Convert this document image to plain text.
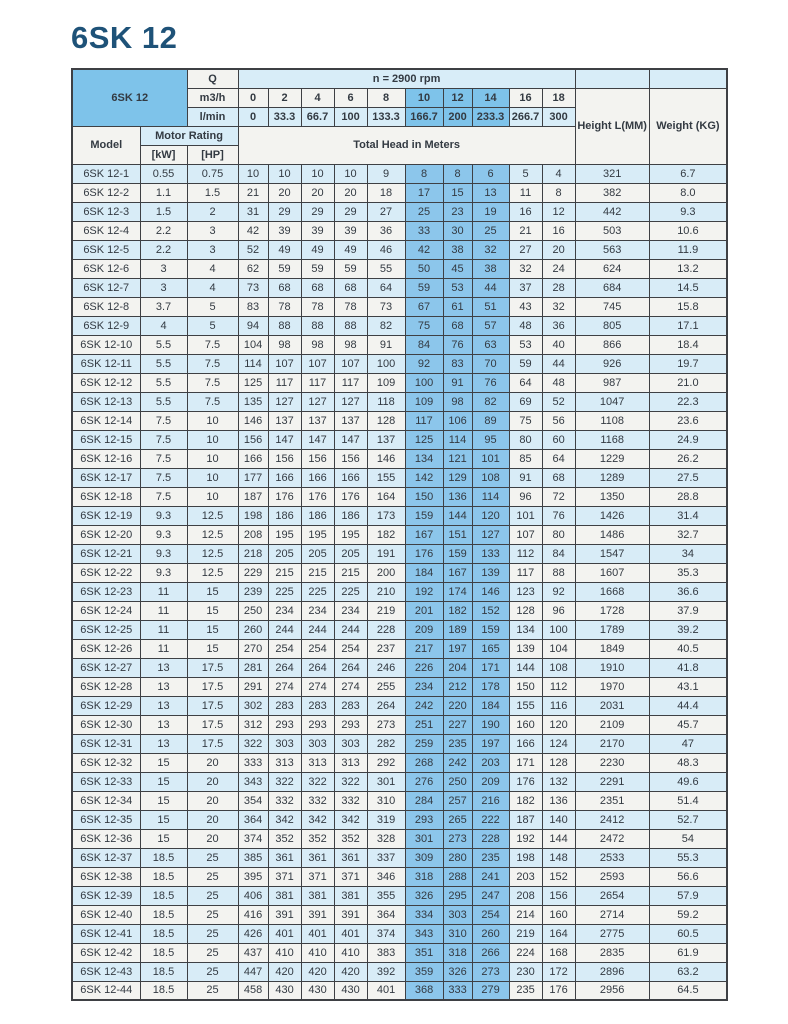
6SK 12
6SK 12		Q	n = 2900 rpm											
		m3/h	0	2	4	6	8	10	12	14	16	18	Height L(MM)	Weight (KG)
		l/min	0	33.3	66.7	100	133.3	166.7	200	233.3	266.7	300		
Model	Motor Rating		Total Head in Meters											
	[kW]	[HP]												
6SK 12-1	0.55	0.75	10	10	10	10	9	8	8	6	5	4	321	6.7
6SK 12-2	1.1	1.5	21	20	20	20	18	17	15	13	11	8	382	8.0
6SK 12-3	1.5	2	31	29	29	29	27	25	23	19	16	12	442	9.3
6SK 12-4	2.2	3	42	39	39	39	36	33	30	25	21	16	503	10.6
6SK 12-5	2.2	3	52	49	49	49	46	42	38	32	27	20	563	11.9
6SK 12-6	3	4	62	59	59	59	55	50	45	38	32	24	624	13.2
6SK 12-7	3	4	73	68	68	68	64	59	53	44	37	28	684	14.5
6SK 12-8	3.7	5	83	78	78	78	73	67	61	51	43	32	745	15.8
6SK 12-9	4	5	94	88	88	88	82	75	68	57	48	36	805	17.1
6SK 12-10	5.5	7.5	104	98	98	98	91	84	76	63	53	40	866	18.4
6SK 12-11	5.5	7.5	114	107	107	107	100	92	83	70	59	44	926	19.7
6SK 12-12	5.5	7.5	125	117	117	117	109	100	91	76	64	48	987	21.0
6SK 12-13	5.5	7.5	135	127	127	127	118	109	98	82	69	52	1047	22.3
6SK 12-14	7.5	10	146	137	137	137	128	117	106	89	75	56	1108	23.6
6SK 12-15	7.5	10	156	147	147	147	137	125	114	95	80	60	1168	24.9
6SK 12-16	7.5	10	166	156	156	156	146	134	121	101	85	64	1229	26.2
6SK 12-17	7.5	10	177	166	166	166	155	142	129	108	91	68	1289	27.5
6SK 12-18	7.5	10	187	176	176	176	164	150	136	114	96	72	1350	28.8
6SK 12-19	9.3	12.5	198	186	186	186	173	159	144	120	101	76	1426	31.4
6SK 12-20	9.3	12.5	208	195	195	195	182	167	151	127	107	80	1486	32.7
6SK 12-21	9.3	12.5	218	205	205	205	191	176	159	133	112	84	1547	34
6SK 12-22	9.3	12.5	229	215	215	215	200	184	167	139	117	88	1607	35.3
6SK 12-23	11	15	239	225	225	225	210	192	174	146	123	92	1668	36.6
6SK 12-24	11	15	250	234	234	234	219	201	182	152	128	96	1728	37.9
6SK 12-25	11	15	260	244	244	244	228	209	189	159	134	100	1789	39.2
6SK 12-26	11	15	270	254	254	254	237	217	197	165	139	104	1849	40.5
6SK 12-27	13	17.5	281	264	264	264	246	226	204	171	144	108	1910	41.8
6SK 12-28	13	17.5	291	274	274	274	255	234	212	178	150	112	1970	43.1
6SK 12-29	13	17.5	302	283	283	283	264	242	220	184	155	116	2031	44.4
6SK 12-30	13	17.5	312	293	293	293	273	251	227	190	160	120	2109	45.7
6SK 12-31	13	17.5	322	303	303	303	282	259	235	197	166	124	2170	47
6SK 12-32	15	20	333	313	313	313	292	268	242	203	171	128	2230	48.3
6SK 12-33	15	20	343	322	322	322	301	276	250	209	176	132	2291	49.6
6SK 12-34	15	20	354	332	332	332	310	284	257	216	182	136	2351	51.4
6SK 12-35	15	20	364	342	342	342	319	293	265	222	187	140	2412	52.7
6SK 12-36	15	20	374	352	352	352	328	301	273	228	192	144	2472	54
6SK 12-37	18.5	25	385	361	361	361	337	309	280	235	198	148	2533	55.3
6SK 12-38	18.5	25	395	371	371	371	346	318	288	241	203	152	2593	56.6
6SK 12-39	18.5	25	406	381	381	381	355	326	295	247	208	156	2654	57.9
6SK 12-40	18.5	25	416	391	391	391	364	334	303	254	214	160	2714	59.2
6SK 12-41	18.5	25	426	401	401	401	374	343	310	260	219	164	2775	60.5
6SK 12-42	18.5	25	437	410	410	410	383	351	318	266	224	168	2835	61.9
6SK 12-43	18.5	25	447	420	420	420	392	359	326	273	230	172	2896	63.2
6SK 12-44	18.5	25	458	430	430	430	401	368	333	279	235	176	2956	64.5
